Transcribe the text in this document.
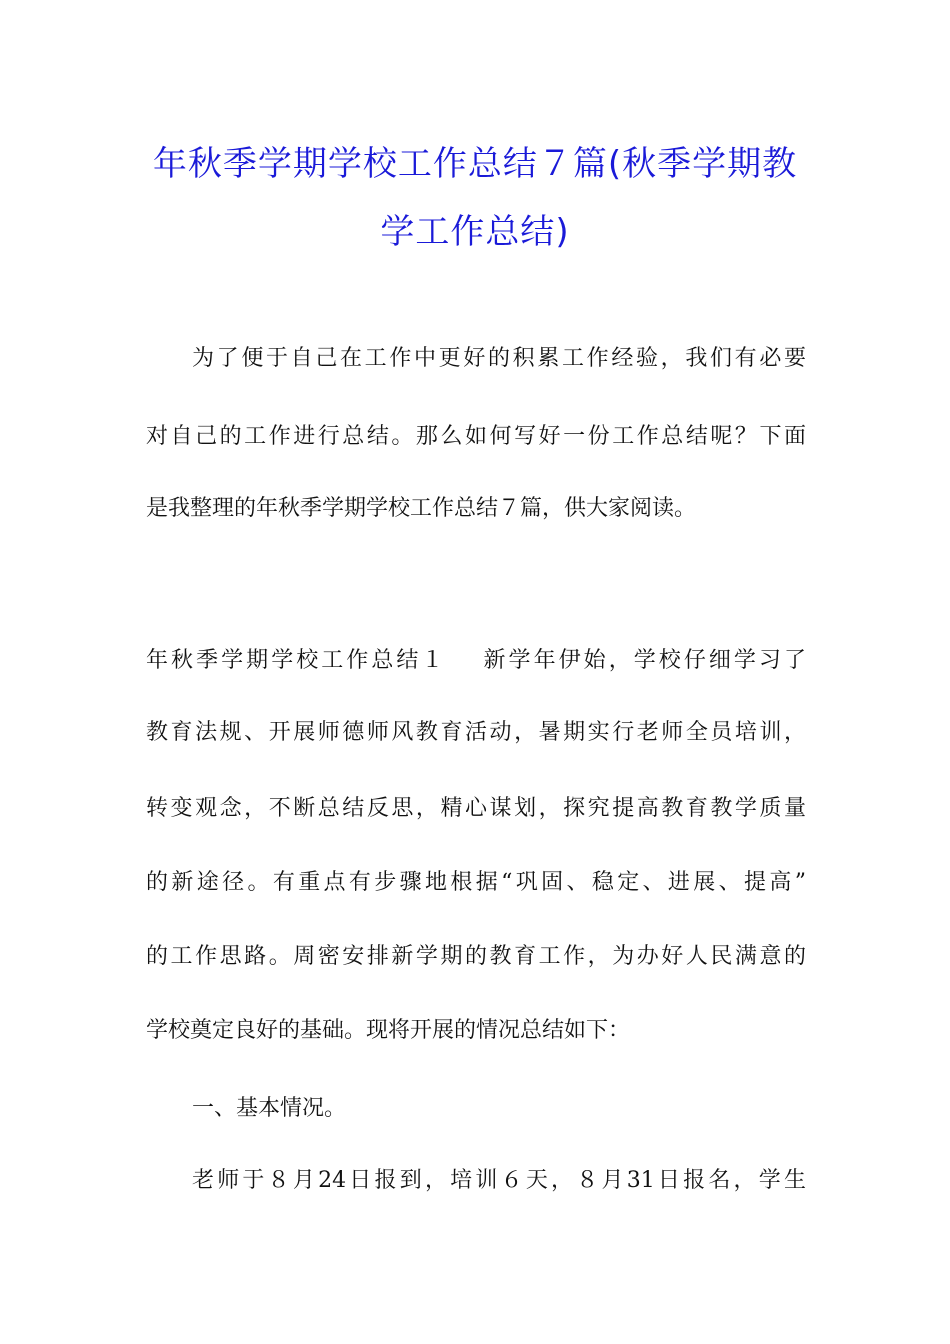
年秋季学期学校工作总结７篇(秋季学期教
学工作总结)
为了便于自己在工作中更好的积累工作经验，我们有必要
对自己的工作进行总结。那么如何写好一份工作总结呢？下面
是我整理的年秋季学期学校工作总结７篇，供大家阅读。
年秋季学期学校工作总结１ 新学年伊始，学校仔细学习了
教育法规、开展师德师风教育活动，暑期实行老师全员培训，
转变观念，不断总结反思，精心谋划，探究提高教育教学质量
的新途径。有重点有步骤地根据“巩固、稳定、进展、提高”
的工作思路。周密安排新学期的教育工作，为办好人民满意的
学校奠定良好的基础。现将开展的情况总结如下：
一、基本情况。
老师于８月24日报到，培训６天，８月31日报名，学生
